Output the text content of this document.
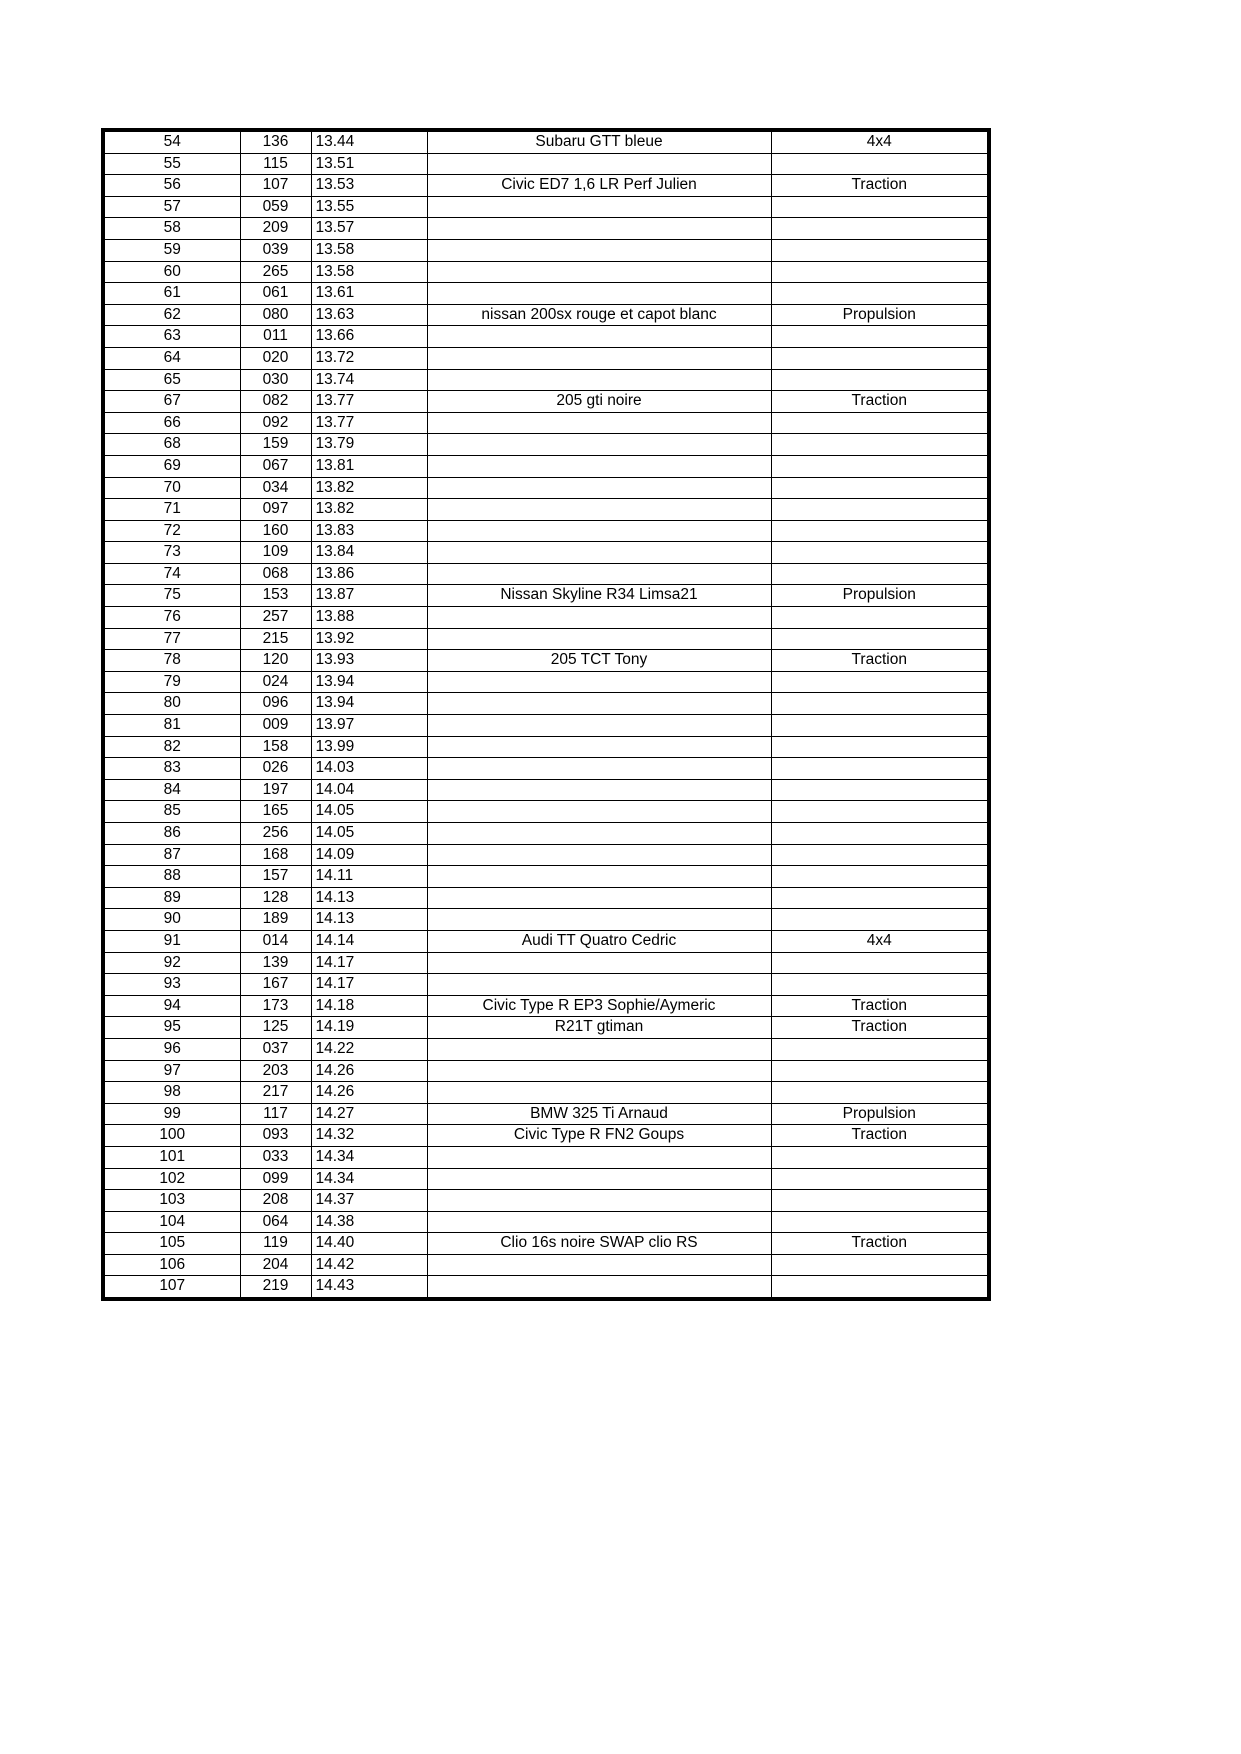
54	136	13.44	Subaru GTT bleue	4x4
55	115	13.51		
56	107	13.53	Civic ED7 1,6 LR Perf Julien	Traction
57	059	13.55		
58	209	13.57		
59	039	13.58		
60	265	13.58		
61	061	13.61		
62	080	13.63	nissan 200sx rouge et capot blanc	Propulsion
63	011	13.66		
64	020	13.72		
65	030	13.74		
67	082	13.77	205 gti noire	Traction
66	092	13.77		
68	159	13.79		
69	067	13.81		
70	034	13.82		
71	097	13.82		
72	160	13.83		
73	109	13.84		
74	068	13.86		
75	153	13.87	Nissan Skyline R34 Limsa21	Propulsion
76	257	13.88		
77	215	13.92		
78	120	13.93	205 TCT Tony	Traction
79	024	13.94		
80	096	13.94		
81	009	13.97		
82	158	13.99		
83	026	14.03		
84	197	14.04		
85	165	14.05		
86	256	14.05		
87	168	14.09		
88	157	14.11		
89	128	14.13		
90	189	14.13		
91	014	14.14	Audi TT Quatro Cedric	4x4
92	139	14.17		
93	167	14.17		
94	173	14.18	Civic Type R EP3 Sophie/Aymeric	Traction
95	125	14.19	R21T gtiman	Traction
96	037	14.22		
97	203	14.26		
98	217	14.26		
99	117	14.27	BMW 325 Ti Arnaud	Propulsion
100	093	14.32	Civic Type R FN2 Goups	Traction
101	033	14.34		
102	099	14.34		
103	208	14.37		
104	064	14.38		
105	119	14.40	Clio 16s noire SWAP clio RS	Traction
106	204	14.42		
107	219	14.43		
